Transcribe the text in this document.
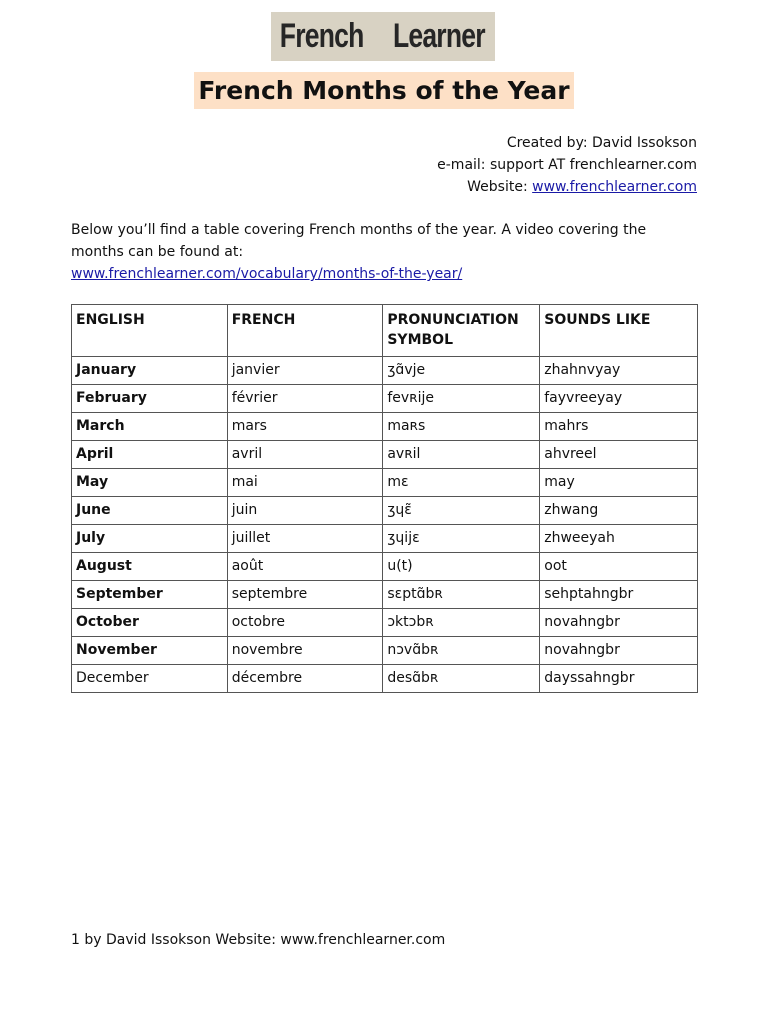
French Learner
French Months of the Year
Created by: David Issokson
e-mail: support AT frenchlearner.com
Website: www.frenchlearner.com
Below you’ll find a table covering French months of the year. A video covering the months can be found at:
www.frenchlearner.com/vocabulary/months-of-the-year/
ENGLISH	FRENCH	PRONUNCIATION SYMBOL	SOUNDS LIKE
January	janvier	ʒɑ̃vje	zhahnvyay
February	février	fevʀije	fayvreeyay
March	mars	maʀs	mahrs
April	avril	avʀil	ahvreel
May	mai	mɛ	may
June	juin	ʒɥɛ̃	zhwang
July	juillet	ʒɥijɛ	zhweeyah
August	août	u(t)	oot
September	septembre	sɛptɑ̃bʀ	sehptahngbr
October	octobre	ɔktɔbʀ	novahngbr
November	novembre	nɔvɑ̃bʀ	novahngbr
December	décembre	desɑ̃bʀ	dayssahngbr
1 by David Issokson Website: www.frenchlearner.com
